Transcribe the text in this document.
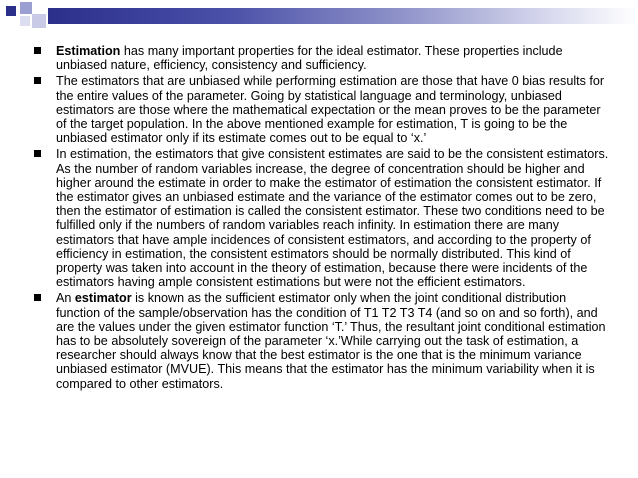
Estimation has many important properties for the ideal estimator. These properties include unbiased nature, efficiency, consistency and sufficiency.
The estimators that are unbiased while performing estimation are those that have 0 bias results for the entire values of the parameter. Going by statistical language and terminology, unbiased estimators are those where the mathematical expectation or the mean proves to be the parameter of the target population. In the above mentioned example for estimation, T is going to be the unbiased estimator only if its estimate comes out to be equal to ‘x.’
In estimation, the estimators that give consistent estimates are said to be the consistent estimators. As the number of random variables increase, the degree of concentration should be higher and higher around the estimate in order to make the estimator of estimation the consistent estimator. If the estimator gives an unbiased estimate and the variance of the estimator comes out to be zero, then the estimator of estimation is called the consistent estimator. These two conditions need to be fulfilled only if the numbers of random variables reach infinity. In estimation there are many estimators that have ample incidences of consistent estimators, and according to the property of efficiency in estimation, the consistent estimators should be normally distributed. This kind of property was taken into account in the theory of estimation, because there were incidents of the estimators having ample consistent estimations but were not the efficient estimators.
An estimator is known as the sufficient estimator only when the joint conditional distribution function of the sample/observation has the condition of T1 T2 T3 T4 (and so on and so forth), and are the values under the given estimator function ‘T.’ Thus, the resultant joint conditional estimation has to be absolutely sovereign of the parameter ‘x.’While carrying out the task of estimation, a researcher should always know that the best estimator is the one that is the minimum variance unbiased estimator (MVUE). This means that the estimator has the minimum variability when it is compared to other estimators.
